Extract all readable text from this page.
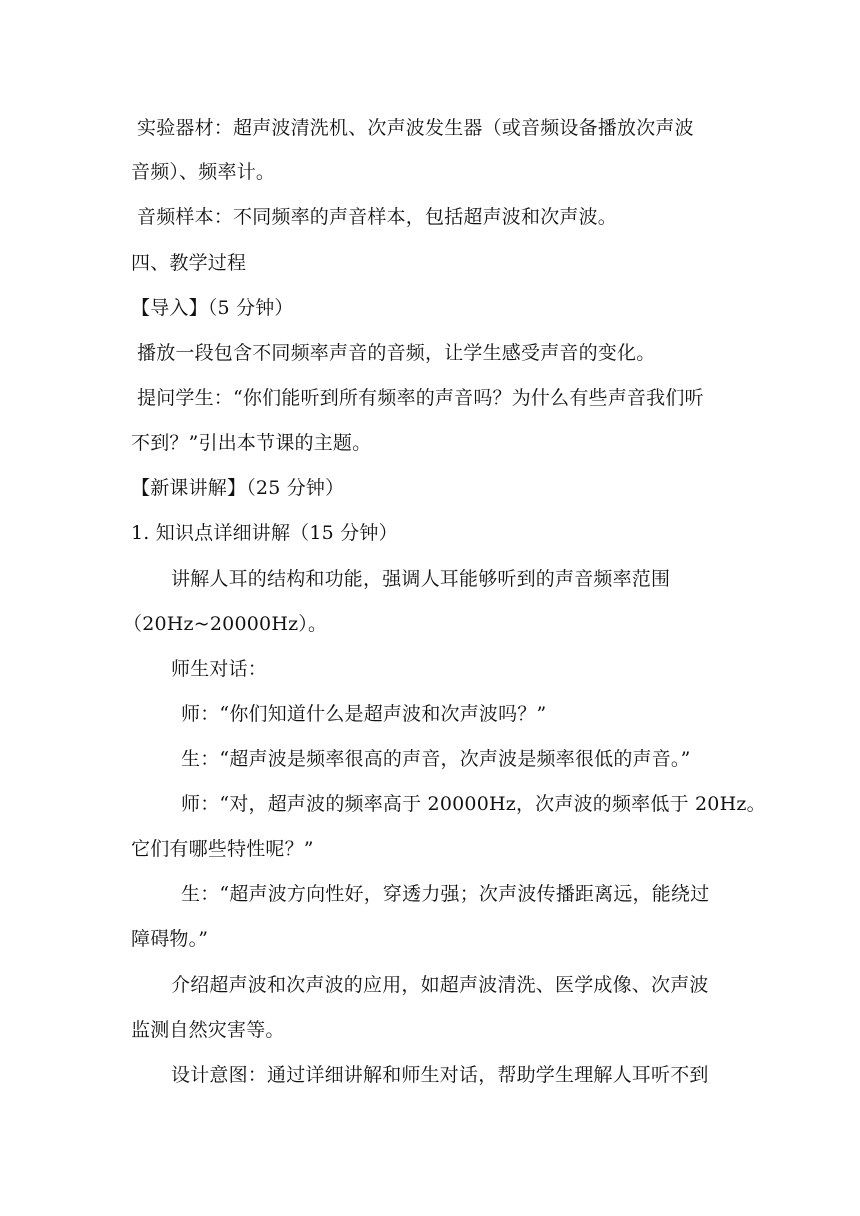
实验器材：超声波清洗机、次声波发生器（或音频设备播放次声波
音频）、频率计。
音频样本：不同频率的声音样本，包括超声波和次声波。
四、教学过程
【导入】（5 分钟）
播放一段包含不同频率声音的音频，让学生感受声音的变化。
提问学生：“你们能听到所有频率的声音吗？为什么有些声音我们听
不到？”引出本节课的主题。
【新课讲解】（25 分钟）
1. 知识点详细讲解（15 分钟）
讲解人耳的结构和功能，强调人耳能够听到的声音频率范围
（20Hz~20000Hz）。
师生对话：
师：“你们知道什么是超声波和次声波吗？”
生：“超声波是频率很高的声音，次声波是频率很低的声音。”
师：“对，超声波的频率高于 20000Hz，次声波的频率低于 20Hz。
它们有哪些特性呢？”
生：“超声波方向性好，穿透力强；次声波传播距离远，能绕过
障碍物。”
介绍超声波和次声波的应用，如超声波清洗、医学成像、次声波
监测自然灾害等。
设计意图：通过详细讲解和师生对话，帮助学生理解人耳听不到
